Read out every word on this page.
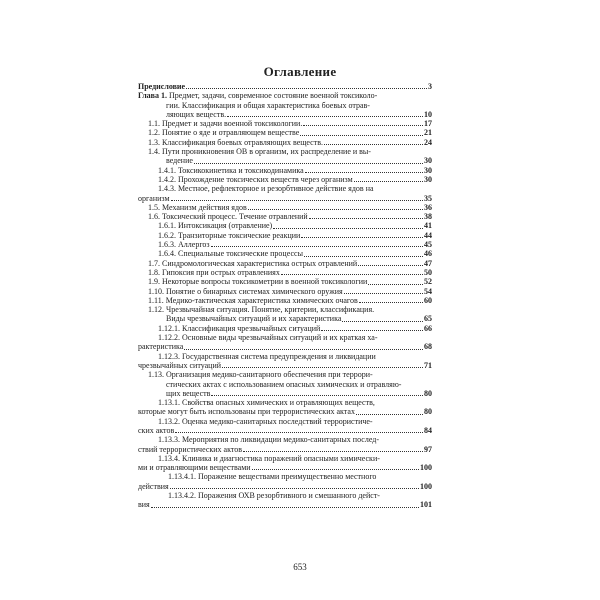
Оглавление
Предисловие	3
Глава 1. Предмет, задачи, современное состояние военной токсиколо-
гии. Классификация и общая характеристика боевых отрав-
ляющих веществ.	10
1.1. Предмет и задачи военной токсикологии.	17
1.2. Понятие о яде и отравляющем веществе	21
1.3. Классификация боевых отравляющих веществ.	24
1.4. Пути проникновения ОВ в организм, их распределение и вы-
ведение	30
1.4.1. Токсикокинетика и токсикодинамика	30
1.4.2. Прохождение токсических веществ через организм	30
1.4.3. Местное, рефлекторное и резорбтивное действие ядов на
организм	35
1.5. Механизм действия ядов	36
1.6. Токсический процесс. Течение отравлений	38
1.6.1. Интоксикация (отравление)	41
1.6.2. Транзиторные токсические реакции	44
1.6.3. Аллергоз	45
1.6.4. Специальные токсические процессы	46
1.7. Синдромологическая характеристика острых отравлений	47
1.8. Гипоксия при острых отравлениях	50
1.9. Некоторые вопросы токсикометрии в военной токсикологии	52
1.10. Понятие о бинарных системах химического оружия	54
1.11. Медико-тактическая характеристика химических очагов	60
1.12. Чрезвычайная ситуация. Понятие, критерии, классификация.
Виды чрезвычайных ситуаций и их характеристика	65
1.12.1. Классификация чрезвычайных ситуаций	66
1.12.2. Основные виды чрезвычайных ситуаций и их краткая ха-
рактеристика	68
1.12.3. Государственная система предупреждения и ликвидации
чрезвычайных ситуаций	71
1.13. Организация медико-санитарного обеспечения при террори-
стических актах с использованием опасных химических и отравляю-
щих веществ	80
1.13.1. Свойства опасных химических и отравляющих веществ,
которые могут быть использованы при террористических актах	80
1.13.2. Оценка медико-санитарных последствий террористиче-
ских актов	84
1.13.3. Мероприятия по ликвидации медико-санитарных послед-
ствий террористических актов	97
1.13.4. Клиника и диагностика поражений опасными химически-
ми и отравляющими веществами	100
1.13.4.1. Поражение веществами преимущественно местного
действия	100
1.13.4.2. Поражения ОХВ резорбтивного и смешанного дейст-
вия	101
653
